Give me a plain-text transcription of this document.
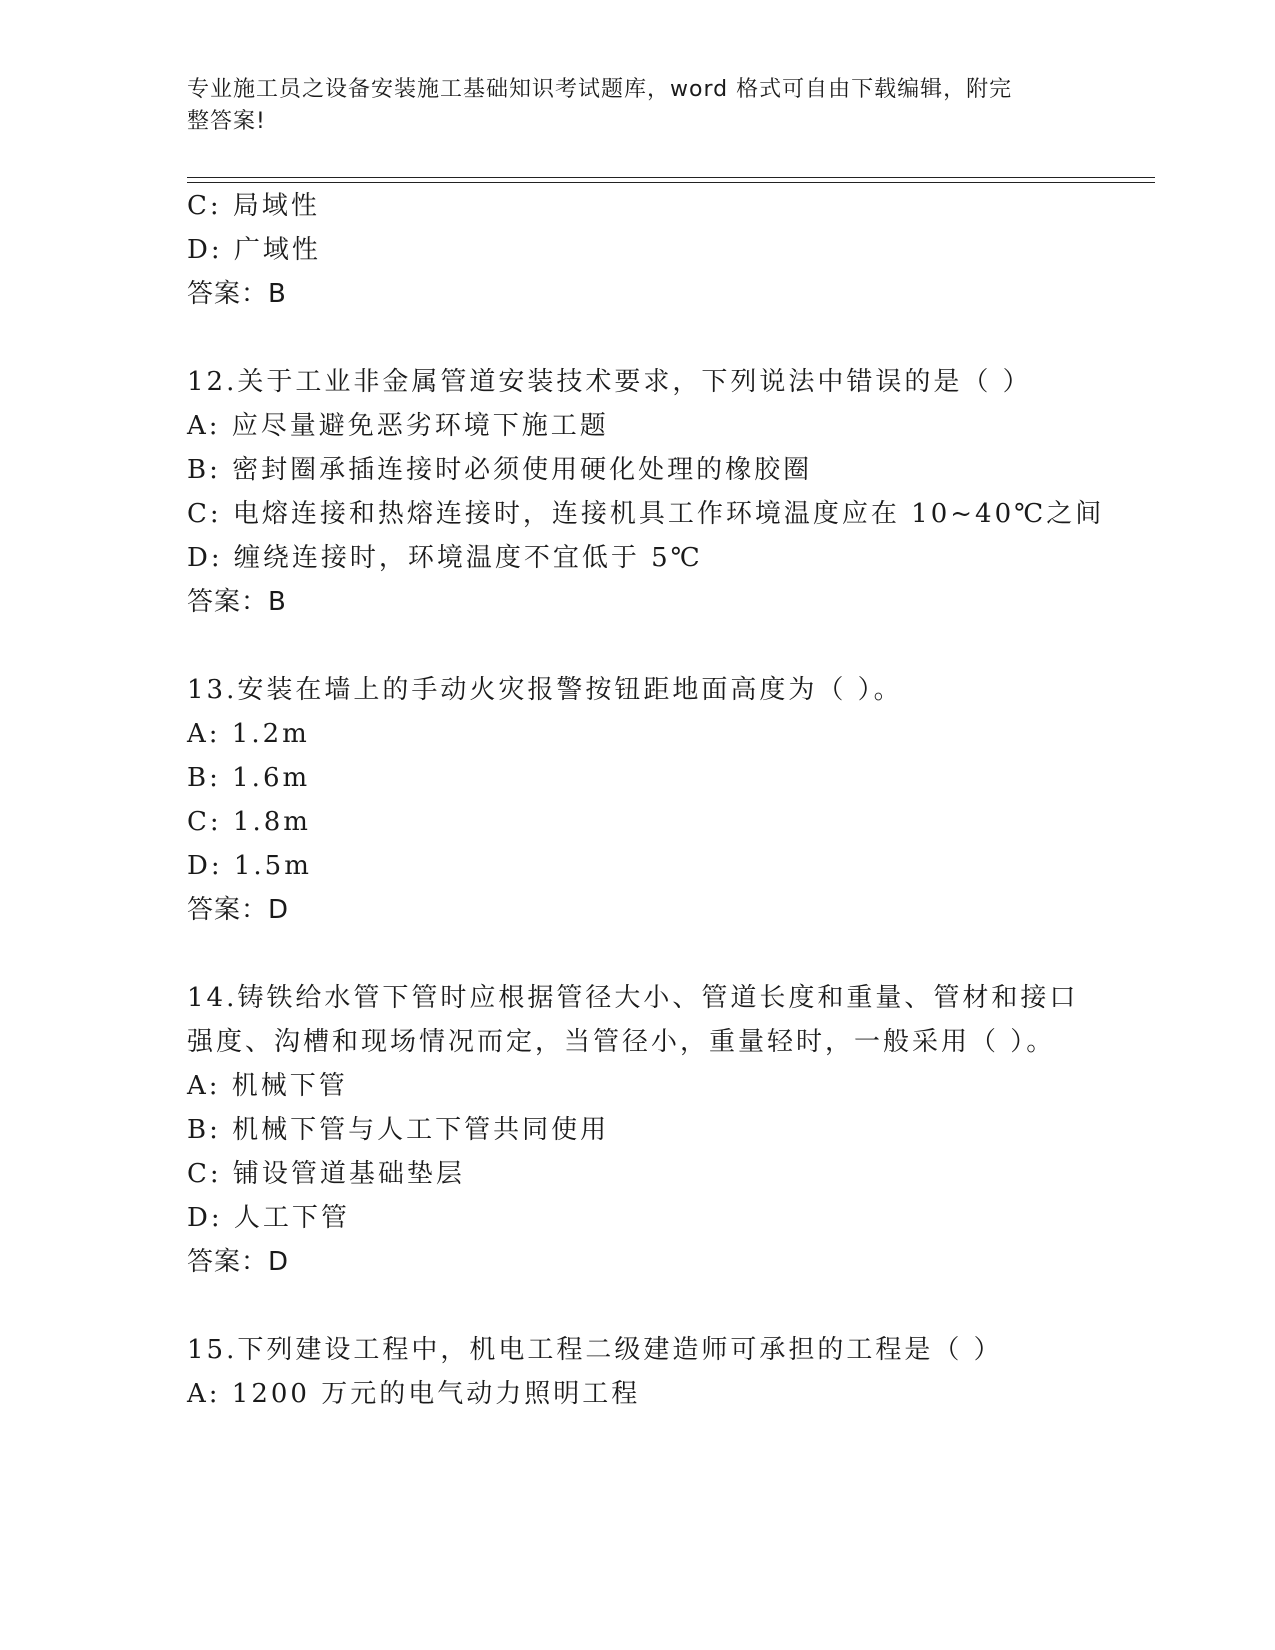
专业施工员之设备安装施工基础知识考试题库，word 格式可自由下载编辑，附完
整答案!
C: 局域性
D: 广域性
答案：B
12.关于工业非金属管道安装技术要求，下列说法中错误的是（ ）
A: 应尽量避免恶劣环境下施工题
B: 密封圈承插连接时必须使用硬化处理的橡胶圈
C: 电熔连接和热熔连接时，连接机具工作环境温度应在 10~40℃之间
D: 缠绕连接时，环境温度不宜低于 5℃
答案：B
13.安装在墙上的手动火灾报警按钮距地面高度为（ ）。
A: 1.2m
B: 1.6m
C: 1.8m
D: 1.5m
答案：D
14.铸铁给水管下管时应根据管径大小、管道长度和重量、管材和接口
强度、沟槽和现场情况而定，当管径小，重量轻时，一般采用（ ）。
A: 机械下管
B: 机械下管与人工下管共同使用
C: 铺设管道基础垫层
D: 人工下管
答案：D
15.下列建设工程中，机电工程二级建造师可承担的工程是（ ）
A: 1200 万元的电气动力照明工程
